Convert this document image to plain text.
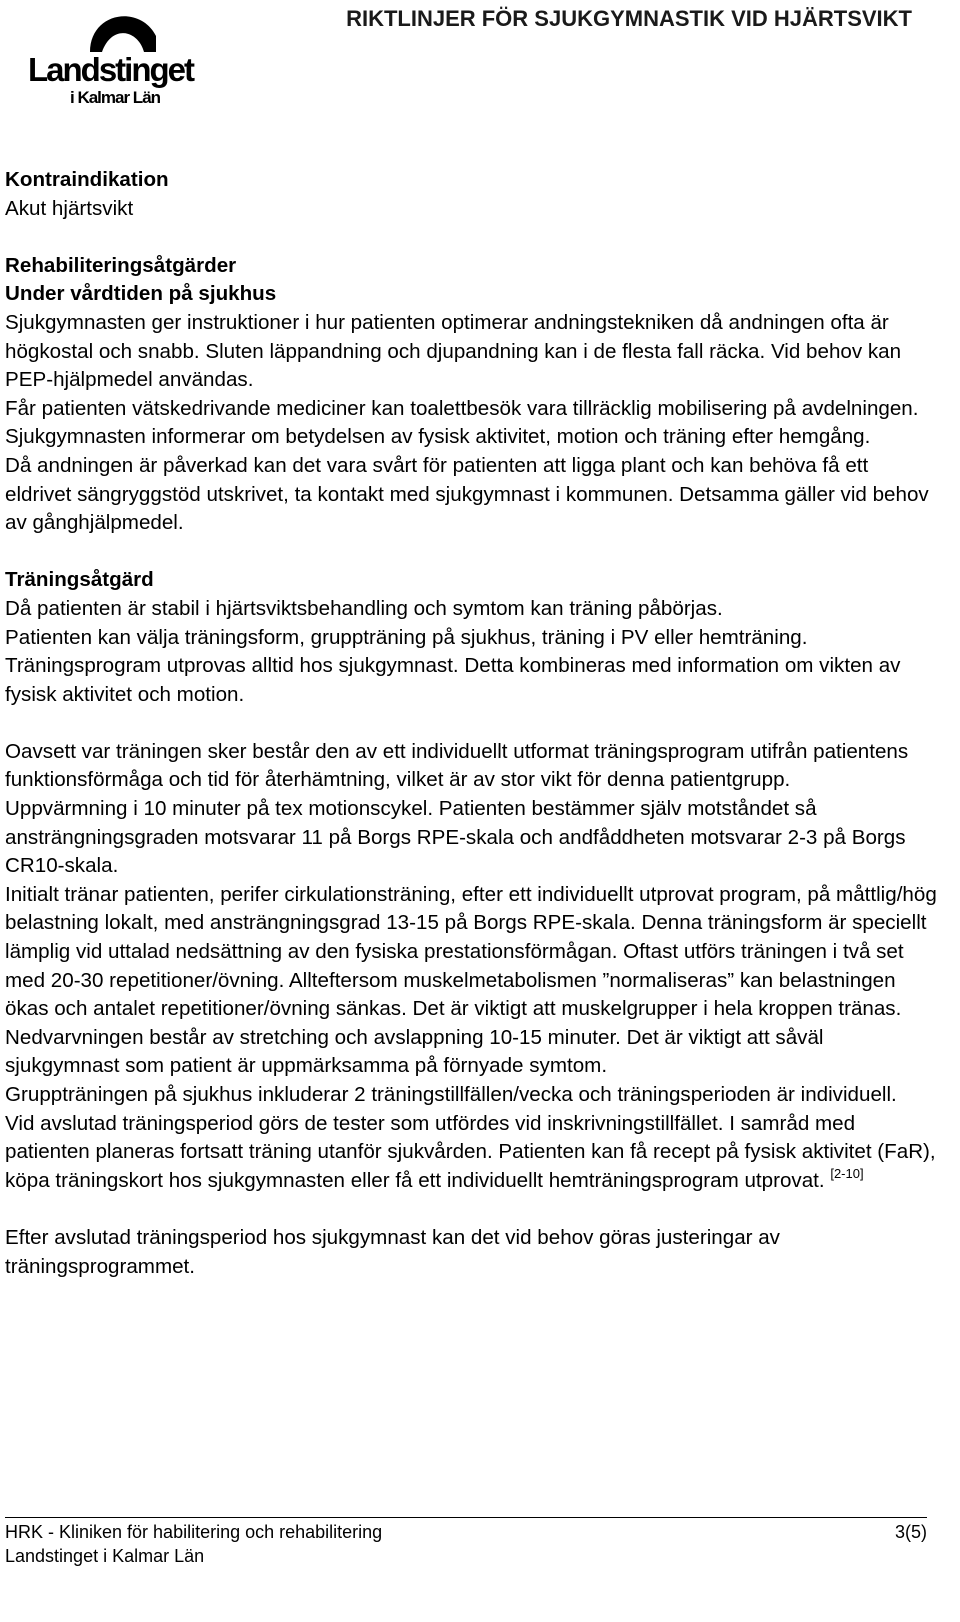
Landstinget
i Kalmar Län
RIKTLINJER FÖR SJUKGYMNASTIK VID HJÄRTSVIKT

Kontraindikation

Akut hjärtsvikt

Rehabiliteringsåtgärder

Under vårdtiden på sjukhus

Sjukgymnasten ger instruktioner i hur patienten optimerar andningstekniken då andningen ofta är högkostal och snabb. Sluten läppandning och djupandning kan i de flesta fall räcka. Vid behov kan PEP-hjälpmedel användas.

Får patienten vätskedrivande mediciner kan toalettbesök vara tillräcklig mobilisering på avdelningen. Sjukgymnasten informerar om betydelsen av fysisk aktivitet, motion och träning efter hemgång.

Då andningen är påverkad kan det vara svårt för patienten att ligga plant och kan behöva få ett eldrivet sängryggstöd utskrivet, ta kontakt med sjukgymnast i kommunen. Detsamma gäller vid behov av gånghjälpmedel.

Träningsåtgärd

Då patienten är stabil i hjärtsviktsbehandling och symtom kan träning påbörjas.

Patienten kan välja träningsform, gruppträning på sjukhus, träning i PV eller hemträning. Träningsprogram utprovas alltid hos sjukgymnast. Detta kombineras med information om vikten av fysisk aktivitet och motion.

Oavsett var träningen sker består den av ett individuellt utformat träningsprogram utifrån patientens funktionsförmåga och tid för återhämtning, vilket är av stor vikt för denna patientgrupp.

Uppvärmning i 10 minuter på tex motionscykel. Patienten bestämmer själv motståndet så ansträngningsgraden motsvarar 11 på Borgs RPE-skala och andfåddheten motsvarar 2-3 på Borgs CR10-skala.

Initialt tränar patienten, perifer cirkulationsträning, efter ett individuellt utprovat program, på måttlig/hög belastning lokalt, med ansträngningsgrad 13-15 på Borgs RPE-skala. Denna träningsform är speciellt lämplig vid uttalad nedsättning av den fysiska prestationsförmågan. Oftast utförs träningen i två set med 20-30 repetitioner/övning. Allteftersom muskelmetabolismen ”normaliseras” kan belastningen ökas och antalet repetitioner/övning sänkas. Det är viktigt att muskelgrupper i hela kroppen tränas.

Nedvarvningen består av stretching och avslappning 10-15 minuter. Det är viktigt att såväl sjukgymnast som patient är uppmärksamma på förnyade symtom.

Gruppträningen på sjukhus inkluderar 2 träningstillfällen/vecka och träningsperioden är individuell.

Vid avslutad träningsperiod görs de tester som utfördes vid inskrivningstillfället. I samråd med patienten planeras fortsatt träning utanför sjukvården. Patienten kan få recept på fysisk aktivitet (FaR), köpa träningskort hos sjukgymnasten eller få ett individuellt hemträningsprogram utprovat. [2-10]

Efter avslutad träningsperiod hos sjukgymnast kan det vid behov göras justeringar av träningsprogrammet.

HRK - Kliniken för habilitering och rehabilitering
Landstinget i Kalmar Län
3(5)
